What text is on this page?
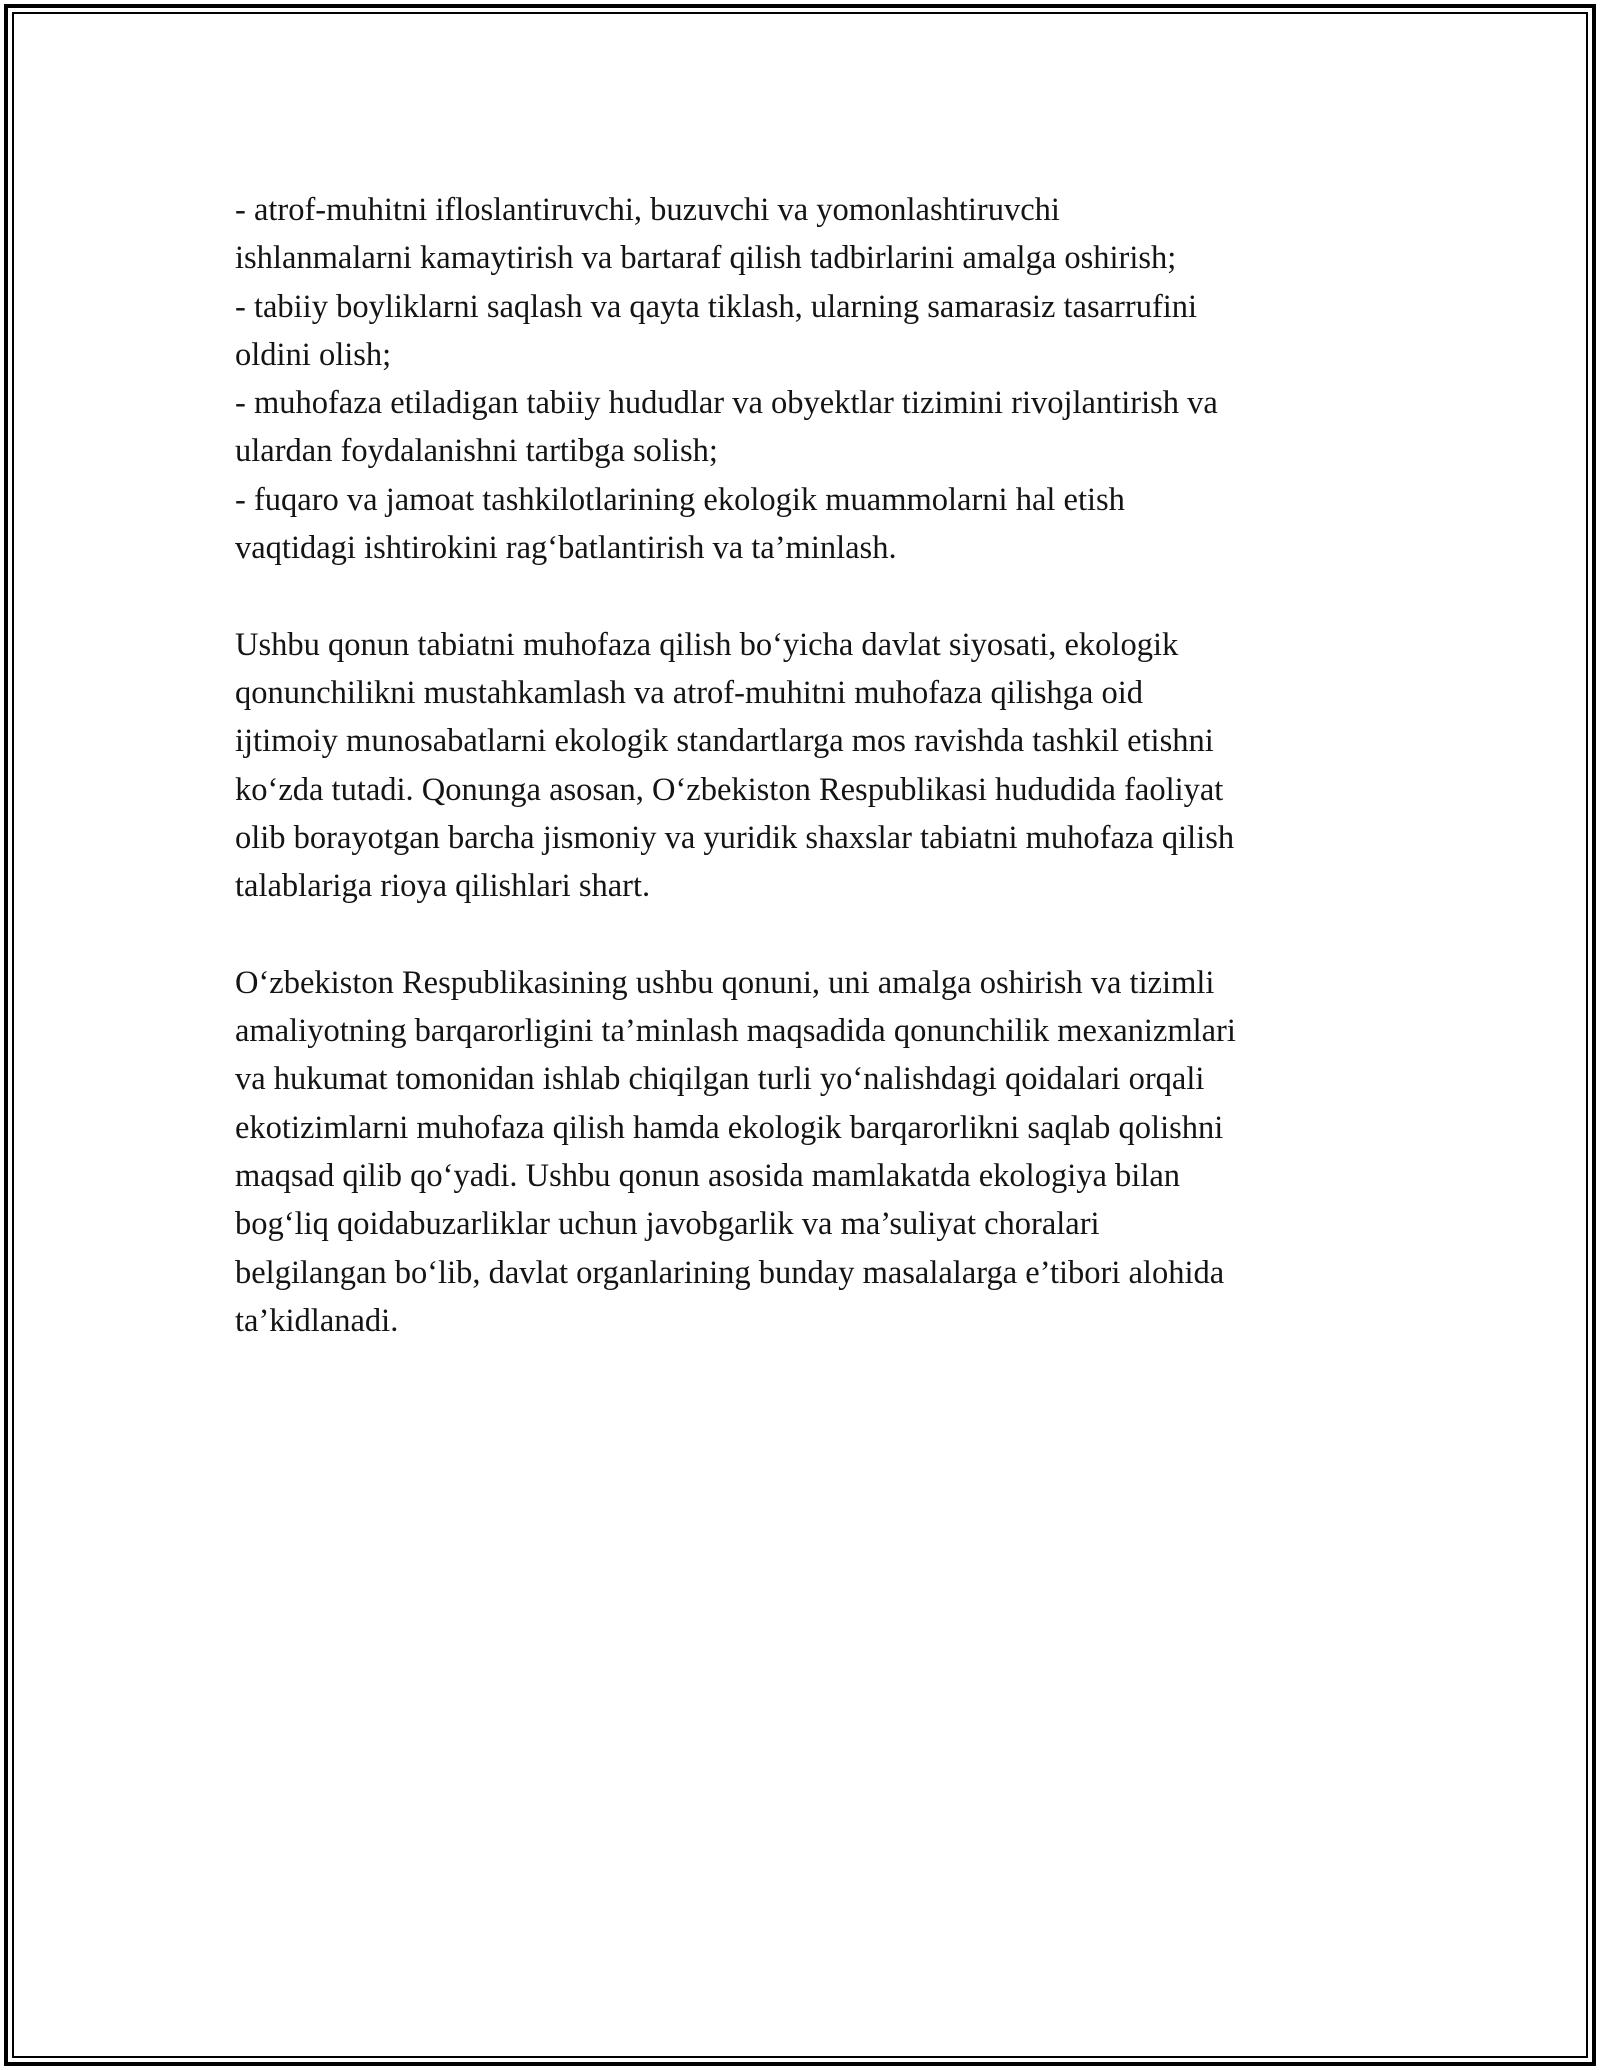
- atrof-muhitni ifloslantiruvchi, buzuvchi va yomonlashtiruvchi
ishlanmalarni kamaytirish va bartaraf qilish tadbirlarini amalga oshirish;
- tabiiy boyliklarni saqlash va qayta tiklash, ularning samarasiz tasarrufini
oldini olish;
- muhofaza etiladigan tabiiy hududlar va obyektlar tizimini rivojlantirish va
ulardan foydalanishni tartibga solish;
- fuqaro va jamoat tashkilotlarining ekologik muammolarni hal etish
vaqtidagi ishtirokini rag‘batlantirish va ta’minlash.
Ushbu qonun tabiatni muhofaza qilish bo‘yicha davlat siyosati, ekologik
qonunchilikni mustahkamlash va atrof-muhitni muhofaza qilishga oid
ijtimoiy munosabatlarni ekologik standartlarga mos ravishda tashkil etishni
ko‘zda tutadi. Qonunga asosan, O‘zbekiston Respublikasi hududida faoliyat
olib borayotgan barcha jismoniy va yuridik shaxslar tabiatni muhofaza qilish
talablariga rioya qilishlari shart.
O‘zbekiston Respublikasining ushbu qonuni, uni amalga oshirish va tizimli
amaliyotning barqarorligini ta’minlash maqsadida qonunchilik mexanizmlari
va hukumat tomonidan ishlab chiqilgan turli yo‘nalishdagi qoidalari orqali
ekotizimlarni muhofaza qilish hamda ekologik barqarorlikni saqlab qolishni
maqsad qilib qo‘yadi. Ushbu qonun asosida mamlakatda ekologiya bilan
bog‘liq qoidabuzarliklar uchun javobgarlik va ma’suliyat choralari
belgilangan bo‘lib, davlat organlarining bunday masalalarga e’tibori alohida
ta’kidlanadi.
